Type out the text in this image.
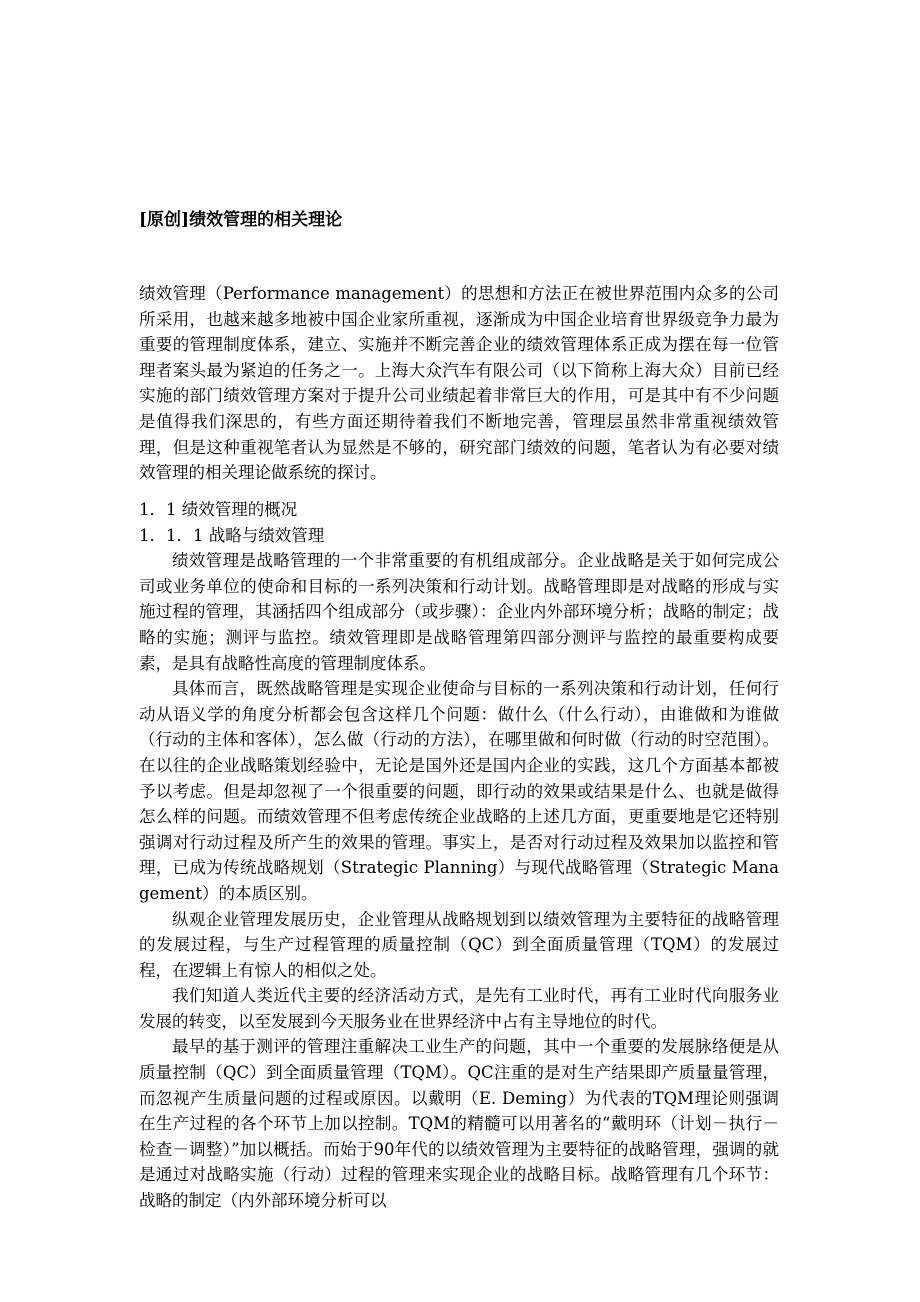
[原创]绩效管理的相关理论
绩效管理（Performance management）的思想和方法正在被世界范围内众多的公司所采用，也越来越多地被中国企业家所重视，逐渐成为中国企业培育世界级竞争力最为重要的管理制度体系，建立、实施并不断完善企业的绩效管理体系正成为摆在每一位管理者案头最为紧迫的任务之一。上海大众汽车有限公司（以下简称上海大众）目前已经实施的部门绩效管理方案对于提升公司业绩起着非常巨大的作用，可是其中有不少问题是值得我们深思的，有些方面还期待着我们不断地完善，管理层虽然非常重视绩效管理，但是这种重视笔者认为显然是不够的，研究部门绩效的问题，笔者认为有必要对绩效管理的相关理论做系统的探讨。

1．1 绩效管理的概况

1．1．1 战略与绩效管理

绩效管理是战略管理的一个非常重要的有机组成部分。企业战略是关于如何完成公司或业务单位的使命和目标的一系列决策和行动计划。战略管理即是对战略的形成与实施过程的管理，其涵括四个组成部分（或步骤）：企业内外部环境分析；战略的制定；战略的实施；测评与监控。绩效管理即是战略管理第四部分测评与监控的最重要构成要素，是具有战略性高度的管理制度体系。

具体而言，既然战略管理是实现企业使命与目标的一系列决策和行动计划，任何行动从语义学的角度分析都会包含这样几个问题：做什么（什么行动），由谁做和为谁做（行动的主体和客体），怎么做（行动的方法），在哪里做和何时做（行动的时空范围）。在以往的企业战略策划经验中，无论是国外还是国内企业的实践，这几个方面基本都被予以考虑。但是却忽视了一个很重要的问题，即行动的效果或结果是什么、也就是做得怎么样的问题。而绩效管理不但考虑传统企业战略的上述几方面，更重要地是它还特别强调对行动过程及所产生的效果的管理。事实上，是否对行动过程及效果加以监控和管理，已成为传统战略规划（Strategic Planning）与现代战略管理（Strategic Management）的本质区别。

纵观企业管理发展历史，企业管理从战略规划到以绩效管理为主要特征的战略管理的发展过程，与生产过程管理的质量控制（QC）到全面质量管理（TQM）的发展过程，在逻辑上有惊人的相似之处。

我们知道人类近代主要的经济活动方式，是先有工业时代，再有工业时代向服务业发展的转变，以至发展到今天服务业在世界经济中占有主导地位的时代。

最早的基于测评的管理注重解决工业生产的问题，其中一个重要的发展脉络便是从质量控制（QC）到全面质量管理（TQM）。QC注重的是对生产结果即产质量量管理，而忽视产生质量问题的过程或原因。以戴明（E. Deming）为代表的TQM理论则强调在生产过程的各个环节上加以控制。TQM的精髓可以用著名的“戴明环（计划－执行－检查－调整）”加以概括。而始于90年代的以绩效管理为主要特征的战略管理，强调的就是通过对战略实施（行动）过程的管理来实现企业的战略目标。战略管理有几个环节：战略的制定（内外部环境分析可以
